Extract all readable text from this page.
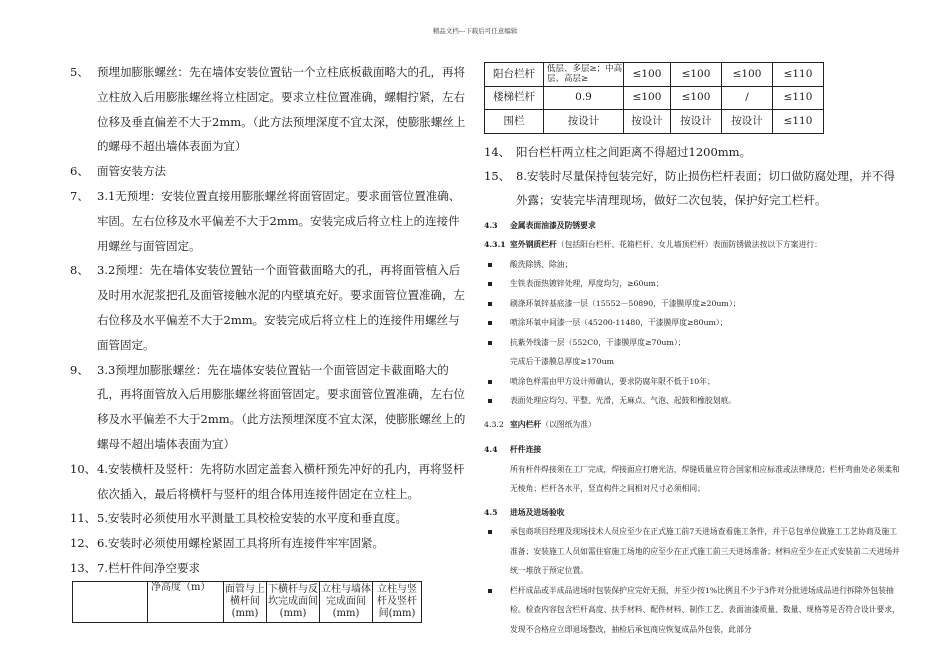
精品文档---下载后可任意编辑
5、 预埋加膨胀螺丝：先在墙体安装位置钻一个立柱底板截面略大的孔，再将立柱放入后用膨胀螺丝将立柱固定。要求立柱位置准确，螺帽拧紧，左右位移及垂直偏差不大于2mm。（此方法预埋深度不宜太深，使膨胀螺丝上的螺母不超出墙体表面为宜）
6、 面管安装方法
7、 3.1无预埋：安装位置直接用膨胀螺丝将面管固定。要求面管位置准确、牢固。左右位移及水平偏差不大于2mm。安装完成后将立柱上的连接件用螺丝与面管固定。
8、 3.2预埋：先在墙体安装位置钻一个面管截面略大的孔，再将面管植入后及时用水泥浆把孔及面管接触水泥的内壁填充好。要求面管位置准确，左右位移及水平偏差不大于2mm。安装完成后将立柱上的连接件用螺丝与面管固定。
9、 3.3预埋加膨胀螺丝：先在墙体安装位置钻一个面管固定卡截面略大的孔，再将面管放入后用膨胀螺丝将面管固定。要求面管位置准确，左右位移及水平偏差不大于2mm。（此方法预埋深度不宜太深，使膨胀螺丝上的螺母不超出墙体表面为宜）
10、 4.安装横杆及竖杆：先将防水固定盖套入横杆预先冲好的孔内，再将竖杆依次插入，最后将横杆与竖杆的组合体用连接件固定在立柱上。
11、 5.安装时必须使用水平测量工具校检安装的水平度和垂直度。
12、 6.安装时必须使用螺栓紧固工具将所有连接件牢牢固紧。
13、 7.栏杆件间净空要求
	净高度（m）	面管与上横杆间(mm)	下横杆与反坎完成面间(mm)	立柱与墙体完成面间(mm)	立柱与竖杆及竖杆间(mm)
阳台栏杆	低层、多层≥；中高层、高层≥	≤100	≤100	≤100	≤110
楼梯栏杆	0.9	≤100	≤100	/	≤110
围栏	按设计	按设计	按设计	按设计	≤110
14、 阳台栏杆两立柱之间距离不得超过1200mm。
15、 8.安装时尽量保持包装完好，防止损伤栏杆表面；切口做防腐处理，并不得外露；安装完毕清理现场，做好二次包装，保护好完工栏杆。
4.3	金属表面油漆及防锈要求
4.3.1 室外钢质栏杆 （包括阳台栏杆、花箱栏杆、女儿墙顶栏杆）表面防锈做法按以下方案进行：
酸洗除锈、除油；
生铁表面热镀锌处理，厚度均匀，≥60um；
刷涤环氧锌基底漆一层（15552－50890，干漆膜厚度≥20um）；
喷涂环氧中间漆一层（45200-11480，干漆膜厚度≥80um）；
抗紫外线漆一层（552C0，干漆膜厚度≥70um）；
完成后干漆膜总厚度≥170um
喷涂色样需由甲方设计师确认，要求防腐年限不低于10年；
表面处理应均匀、平整、光滑，无麻点、气泡、起鼓和橡胶划痕。
4.3.2 室内栏杆 （以图纸为准）
4.4	杆件连接
所有杆件焊接须在工厂完成，焊接面应打磨光洁，焊缝质量应符合国家相应标准或法律规范；栏杆弯曲处必须柔和无棱角；栏杆各水平，竖直构件之间相对尺寸必须相同；
4.5	进场及进场验收
承包商项目经理及现场技术人员应至少在正式施工前7天进场查看施工条件，并于总包单位做施工工艺协商及施工准备；安装施工人员如需住宿施工场地的应至少在正式施工前三天进场准备；材料应至少在正式安装前二天进场并统一堆放于预定位置。
栏杆成品或半成品进场时包装保护应完好无损，并至少按1%比例且不少于3件对分批进场成品进行拆除外包装抽检。检查内容包含栏杆高度、扶手材料、配件材料、制作工艺、表面油漆质量、数量、规格等是否符合设计要求，发现不合格应立即退场整改，抽检后承包商应恢复成品外包装，此部分
